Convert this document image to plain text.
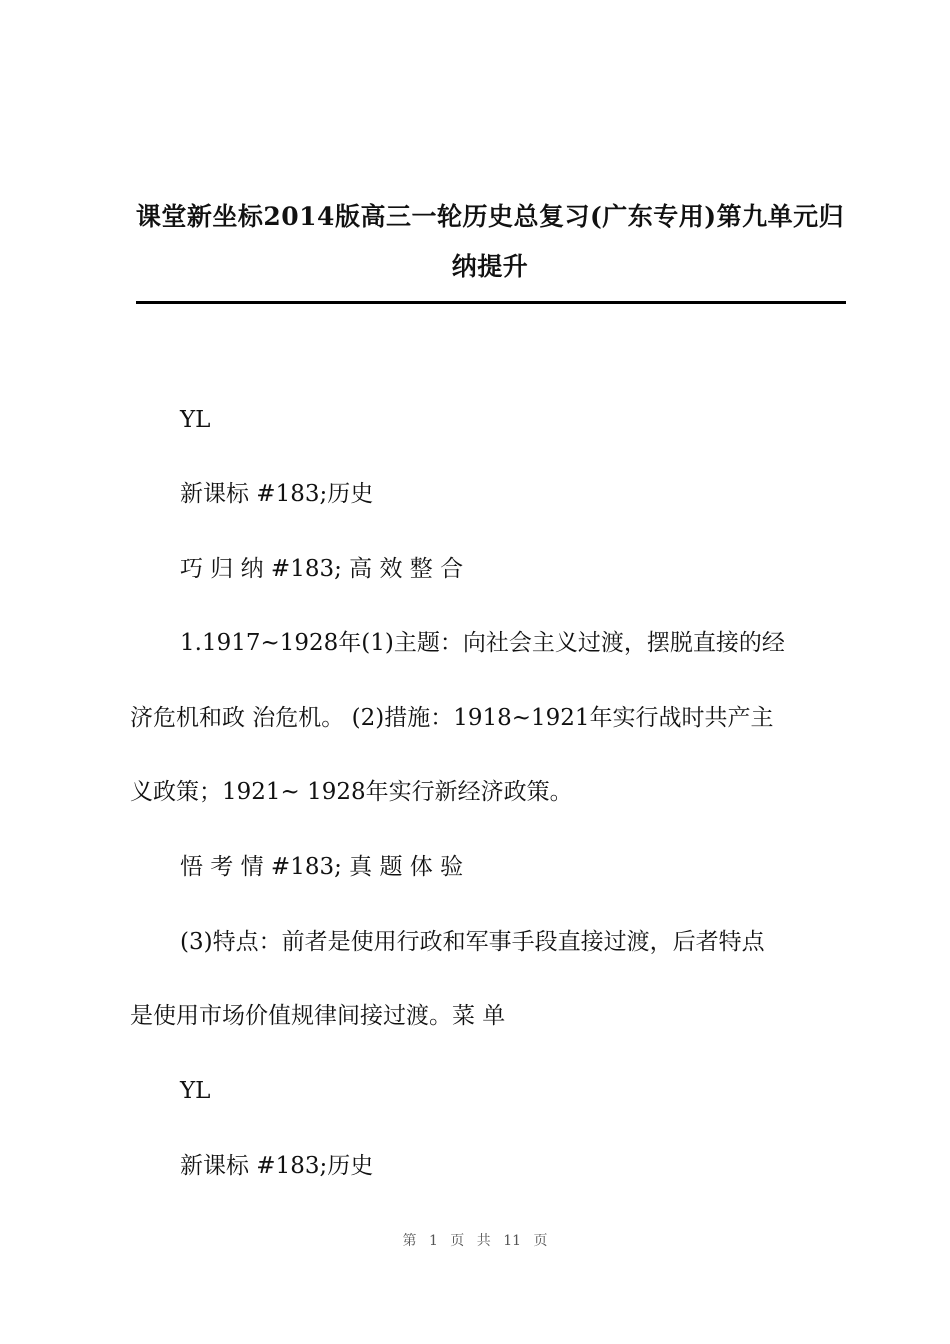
课堂新坐标2014版高三一轮历史总复习(广东专用)第九单元归纳提升
YL
新课标 #183;历史
巧 归 纳 #183; 高 效 整 合
1.1917~1928年(1)主题：向社会主义过渡，摆脱直接的经
济危机和政 治危机。 (2)措施：1918~1921年实行战时共产主
义政策；1921~ 1928年实行新经济政策。
悟 考 情 #183; 真 题 体 验
(3)特点：前者是使用行政和军事手段直接过渡，后者特点
是使用市场价值规律间接过渡。菜 单
YL
新课标 #183;历史
第 1 页 共 11 页
